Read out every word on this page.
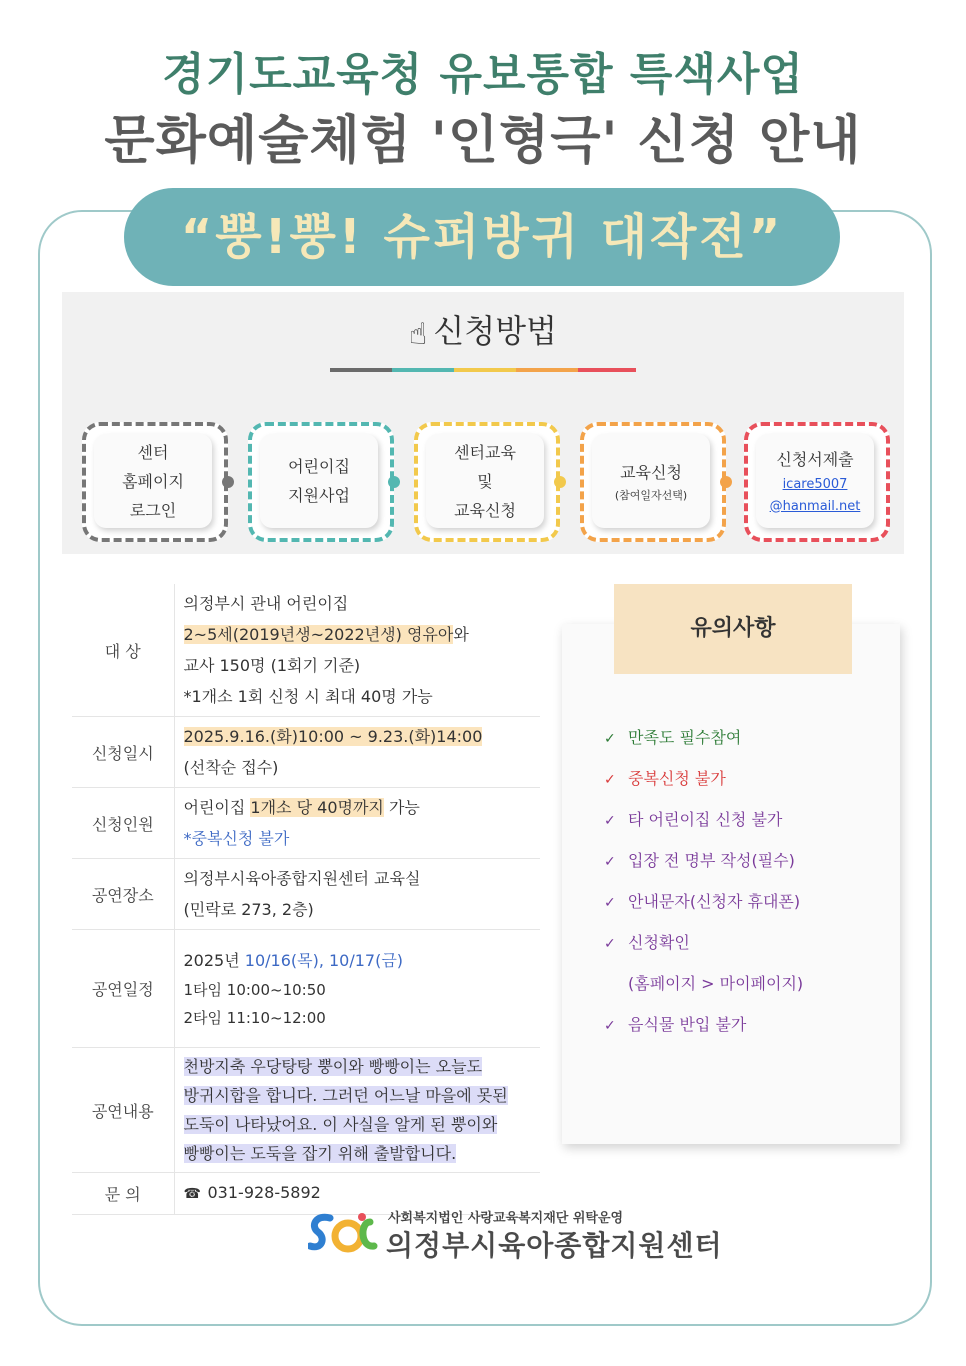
경기도교육청 유보통합 특색사업
문화예술체험 '인형극' 신청 안내
“뿡!뿡! 슈퍼방귀 대작전”
☝ 신청방법
센터
홈페이지
로그인
어린이집
지원사업
센터교육
및
교육신청
교육신청
(참여일자선택)
신청서제출
icare5007
@hanmail.net
대 상	의정부시 관내 어린이집
2~5세(2019년생~2022년생) 영유아와
교사 150명 (1회기 기준)
*1개소 1회 신청 시 최대 40명 가능

신청일시	2025.9.16.(화)10:00 ~ 9.23.(화)14:00
(선착순 접수)

신청인원	어린이집 1개소 당 40명까지 가능
*중복신청 불가

공연장소	의정부시육아종합지원센터 교육실
(민락로 273, 2층)

공연일정	2025년 10/16(목), 10/17(금)
1타임 10:00~10:50
2타임 11:10~12:00

공연내용	천방지축 우당탕탕 뿡이와 빵빵이는 오늘도
방귀시합을 합니다. 그러던 어느날 마을에 못된
도둑이 나타났어요. 이 사실을 알게 된 뿡이와
빵빵이는 도둑을 잡기 위해 출발합니다.

문 의	☎ 031-928-5892
유의사항
✓ 만족도 필수참여
✓ 중복신청 불가
✓ 타 어린이집 신청 불가
✓ 입장 전 명부 작성(필수)
✓ 안내문자(신청자 휴대폰)
✓ 신청확인
(홈페이지 > 마이페이지)
✓ 음식물 반입 불가
사회복지법인 사랑교육복지재단 위탁운영
의정부시육아종합지원센터
